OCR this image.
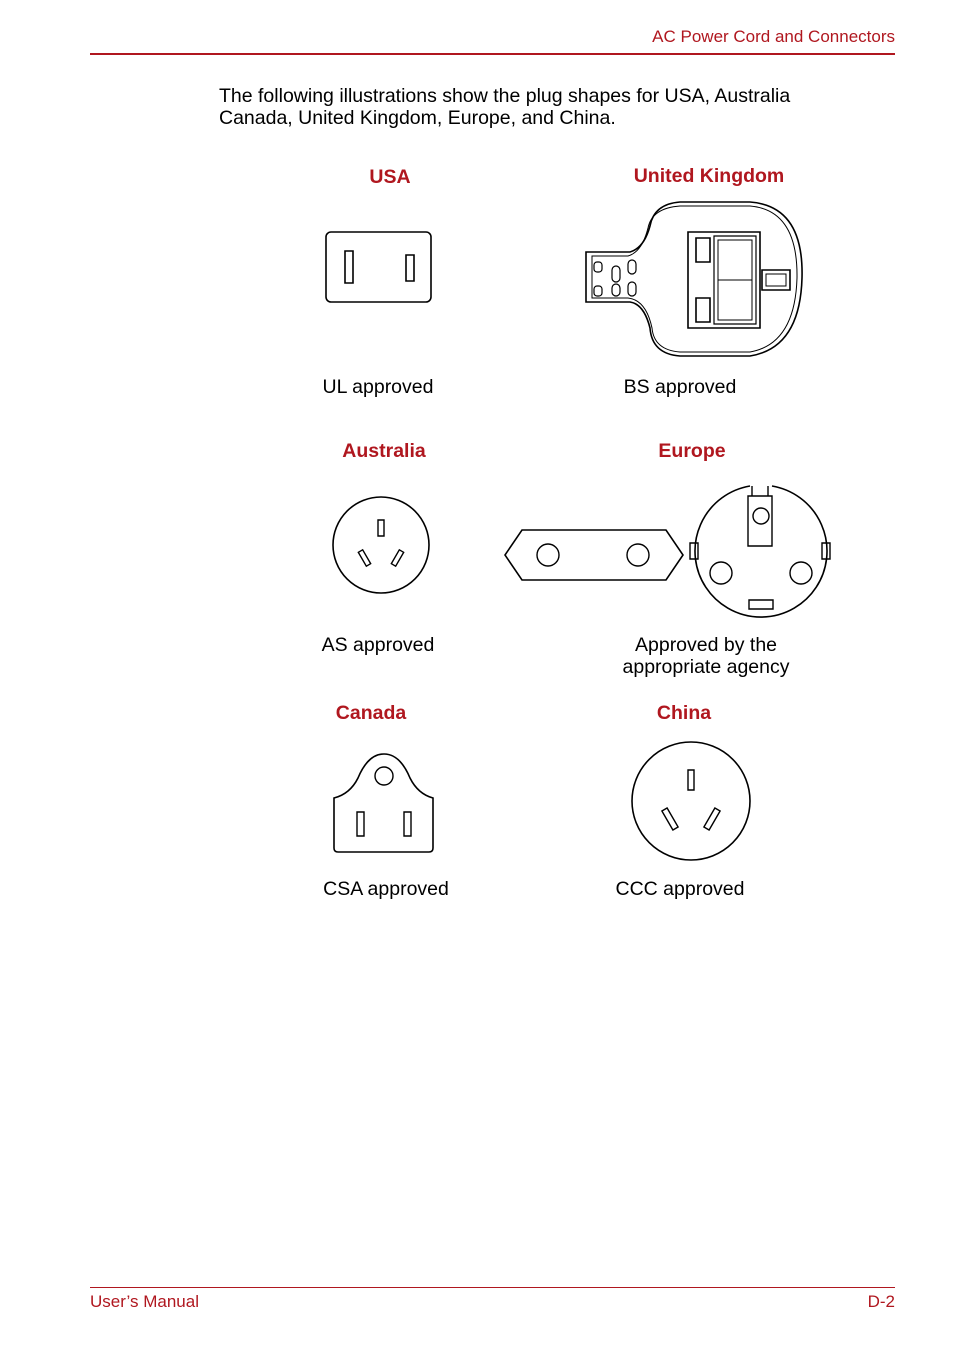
AC Power Cord and Connectors
The following illustrations show the plug shapes for USA, Australia
Canada, United Kingdom, Europe, and China.
USA
UL approved
United Kingdom
BS approved
Australia
AS approved
Europe
Approved by the
appropriate agency
Canada
CSA approved
China
CCC approved
User’s Manual	D-2
